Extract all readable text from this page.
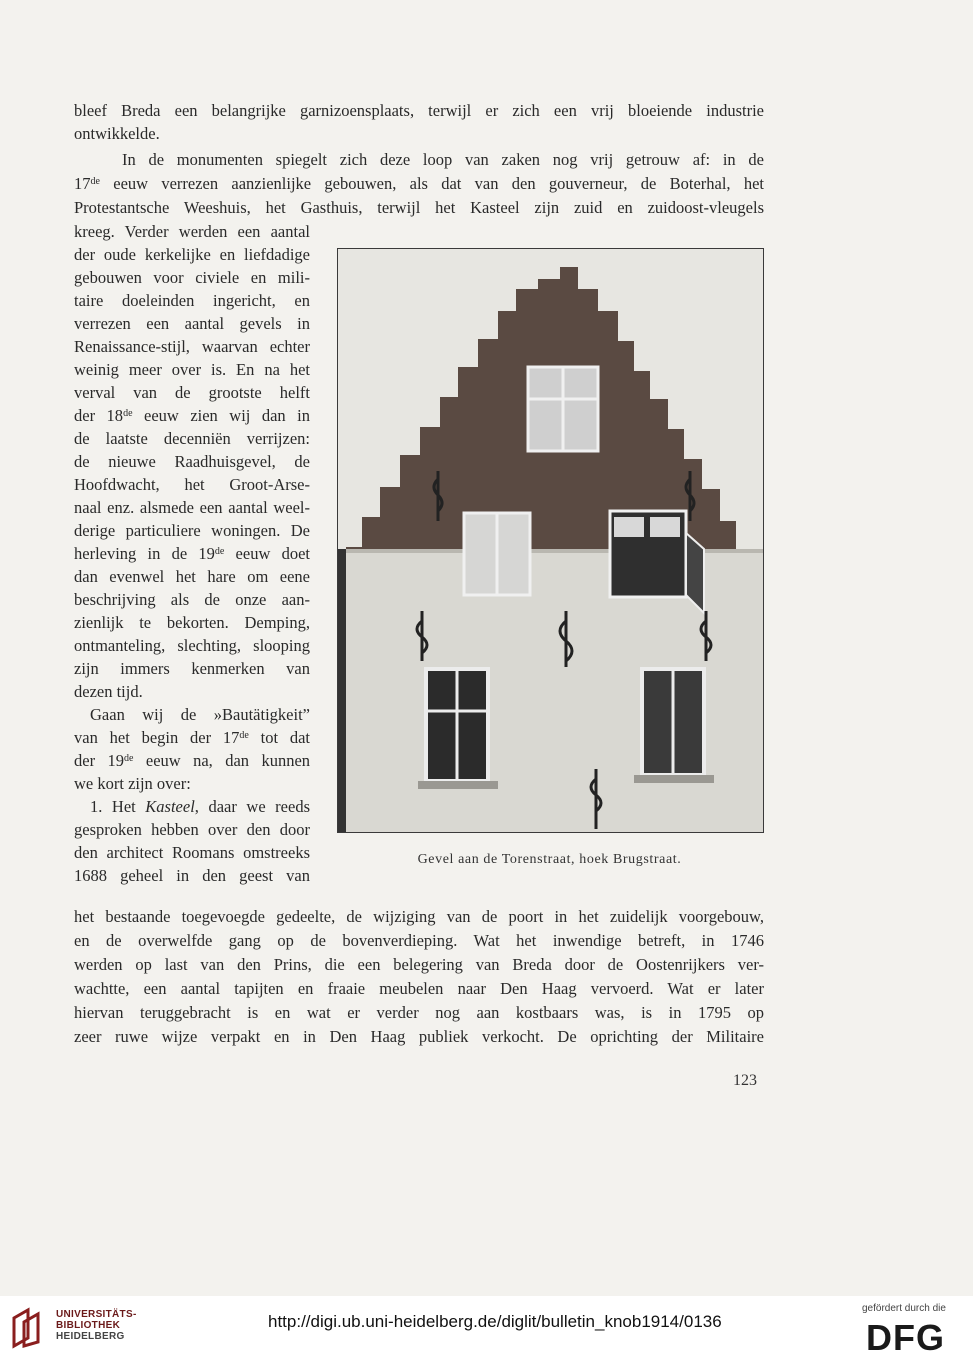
bleef Breda een belangrijke garnizoensplaats, terwijl er zich een vrij bloeiende industrie
ontwikkelde.
In de monumenten spiegelt zich deze loop van zaken nog vrij getrouw af: in de
17de eeuw verrezen aanzienlijke gebouwen, als dat van den gouverneur, de Boterhal, het
Protestantsche Weeshuis, het Gasthuis, terwijl het Kasteel zijn zuid en zuidoost-vleugels
kreeg. Verder werden een aantal
der oude kerkelijke en liefdadige
gebouwen voor civiele en mili-
taire doeleinden ingericht, en
verrezen een aantal gevels in
Renaissance-stijl, waarvan echter
weinig meer over is. En na het
verval van de grootste helft
der 18de eeuw zien wij dan in
de laatste decenniën verrijzen:
de nieuwe Raadhuisgevel, de
Hoofdwacht, het Groot-Arse-
naal enz. alsmede een aantal weel-
derige particuliere woningen. De
herleving in de 19de eeuw doet
dan evenwel het hare om eene
beschrijving als de onze aan-
zienlijk te bekorten. Demping,
ontmanteling, slechting, slooping
zijn immers kenmerken van
dezen tijd.
Gaan wij de »Bautätigkeit”
van het begin der 17de tot dat
der 19de eeuw na, dan kunnen
we kort zijn over:
1. Het Kasteel, daar we reeds
gesproken hebben over den door
den architect Roomans omstreeks
1688 geheel in den geest van
Gevel aan de Torenstraat, hoek Brugstraat.
het bestaande toegevoegde gedeelte, de wijziging van de poort in het zuidelijk voorgebouw,
en de overwelfde gang op de bovenverdieping. Wat het inwendige betreft, in 1746
werden op last van den Prins, die een belegering van Breda door de Oostenrijkers ver-
wachtte, een aantal tapijten en fraaie meubelen naar Den Haag vervoerd. Wat er later
hiervan teruggebracht is en wat er verder nog aan kostbaars was, is in 1795 op
zeer ruwe wijze verpakt en in Den Haag publiek verkocht. De oprichting der Militaire
123
UNIVERSITÄTS-
BIBLIOTHEK
HEIDELBERG
http://digi.ub.uni-heidelberg.de/diglit/bulletin_knob1914/0136
gefördert durch die
DFG
